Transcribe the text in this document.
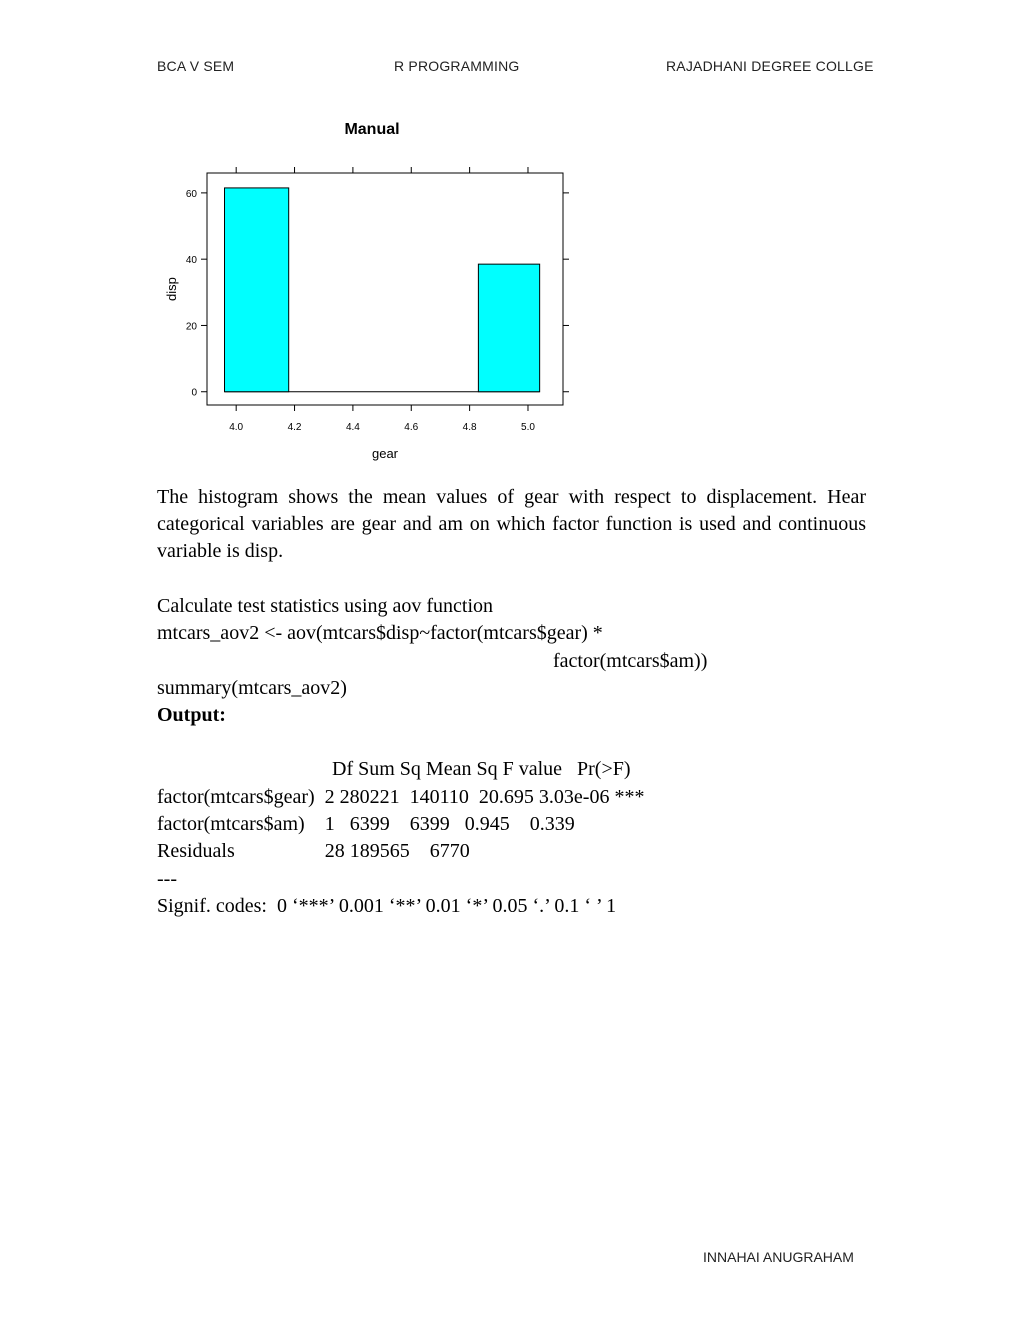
BCA V SEM	R PROGRAMMING	RAJADHANI DEGREE COLLGE
Manual
4.0	4.2	4.4	4.6	4.8	5.0
0
20
40
60
gear
disp

The histogram shows the mean values of gear with respect to displacement. Hear categorical variables are gear and am on which factor function is used and continuous variable is disp.

Calculate test statistics using aov function
mtcars_aov2 <- aov(mtcars$disp~factor(mtcars$gear) *
factor(mtcars$am))
summary(mtcars_aov2)
Output:
Df Sum Sq Mean Sq F value   Pr(>F)
factor(mtcars$gear)  2 280221  140110  20.695 3.03e-06 ***
factor(mtcars$am)    1   6399    6399   0.945    0.339
Residuals                  28 189565    6770
---
Signif. codes:  0 ‘***’ 0.001 ‘**’ 0.01 ‘*’ 0.05 ‘.’ 0.1 ‘ ’ 1
INNAHAI ANUGRAHAM
